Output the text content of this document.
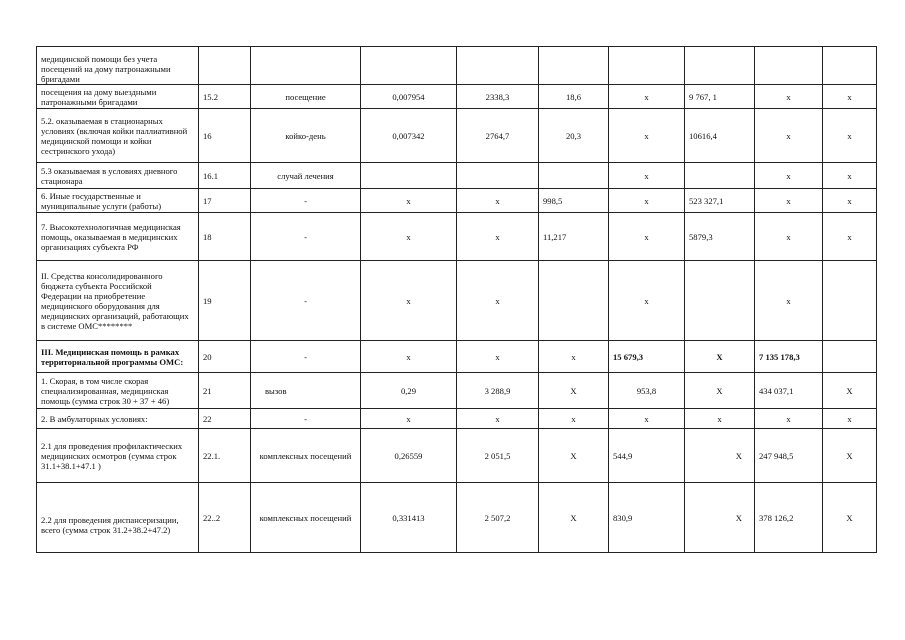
медицинской помощи без учета посещений на дому патронажными бригадами									
посещения на дому выездными патронажными бригадами	15.2	посещение	0,007954	2338,3	18,6	х	9 767, 1	х	х
5.2. оказываемая в стационарных условиях (включая койки паллиативной медицинской помощи и койки сестринского ухода)	16	койко-день	0,007342	2764,7	20,3	х	10616,4	х	х
5.3 оказываемая в условиях дневного стационара	16.1	случай лечения				х		х	х
6. Иные государственные и муниципальные услуги (работы)	17	-	х	х	998,5	х	523 327,1	х	х
7. Высокотехнологичная медицинская помощь, оказываемая в медицинских организациях субъекта РФ	18	-	х	х	11,217	х	5879,3	х	х
II. Средства консолидированного бюджета субъекта Российской Федерации на приобретение медицинского оборудования для медицинских организаций, работающих в системе ОМС********	19	-	х	х		х		х	
III. Медицинская помощь в рамках территориальной программы ОМС:	20	-	х	х	х	15 679,3	Х	7 135 178,3	
1. Скорая, в том числе скорая специализированная, медицинская помощь (сумма строк 30 + 37 + 46)	21	вызов	0,29	3 288,9	Х	953,8	Х	434 037,1	Х
2. В амбулаторных условиях:	22	-	х	х	х	х	х	х	х
2.1 для проведения профилактических медицинских осмотров (сумма строк 31.1+38.1+47.1 )	22.1.	комплексных посещений	0,26559	2 051,5	Х	544,9	Х	247 948,5	Х
2.2 для проведения диспансеризации, всего (сумма строк 31.2+38.2+47.2)	22..2	комплексных посещений	0,331413	2 507,2	Х	830,9	Х	378 126,2	Х
